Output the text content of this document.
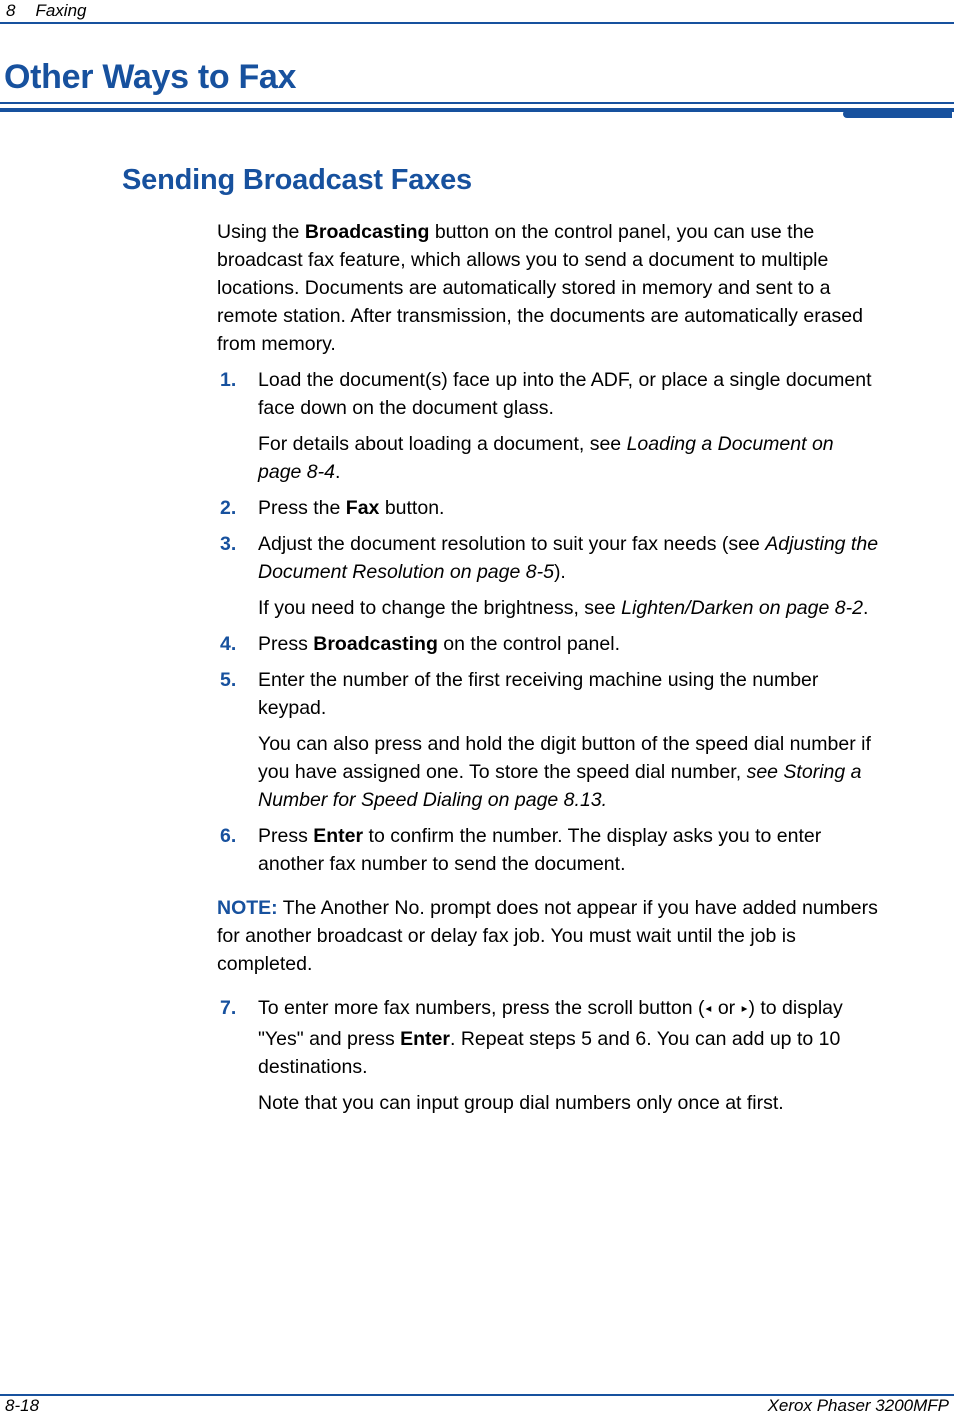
8 Faxing
Other Ways to Fax
Sending Broadcast Faxes
Using the Broadcasting button on the control panel, you can use the
broadcast fax feature, which allows you to send a document to multiple
locations. Documents are automatically stored in memory and sent to a
remote station. After transmission, the documents are automatically erased
from memory.
1. Load the document(s) face up into the ADF, or place a single document
face down on the document glass.
For details about loading a document, see Loading a Document on
page 8-4.
2. Press the Fax button.
3. Adjust the document resolution to suit your fax needs (see Adjusting the
Document Resolution on page 8-5).
If you need to change the brightness, see Lighten/Darken on page 8-2.
4. Press Broadcasting on the control panel.
5. Enter the number of the first receiving machine using the number
keypad.
You can also press and hold the digit button of the speed dial number if
you have assigned one. To store the speed dial number, see Storing a
Number for Speed Dialing on page 8.13.
6. Press Enter to confirm the number. The display asks you to enter
another fax number to send the document.
NOTE: The Another No. prompt does not appear if you have added numbers
for another broadcast or delay fax job. You must wait until the job is
completed.
7. To enter more fax numbers, press the scroll button (◂ or ▸) to display
"Yes" and press Enter. Repeat steps 5 and 6. You can add up to 10
destinations.
Note that you can input group dial numbers only once at first.
8-18	Xerox Phaser 3200MFP
